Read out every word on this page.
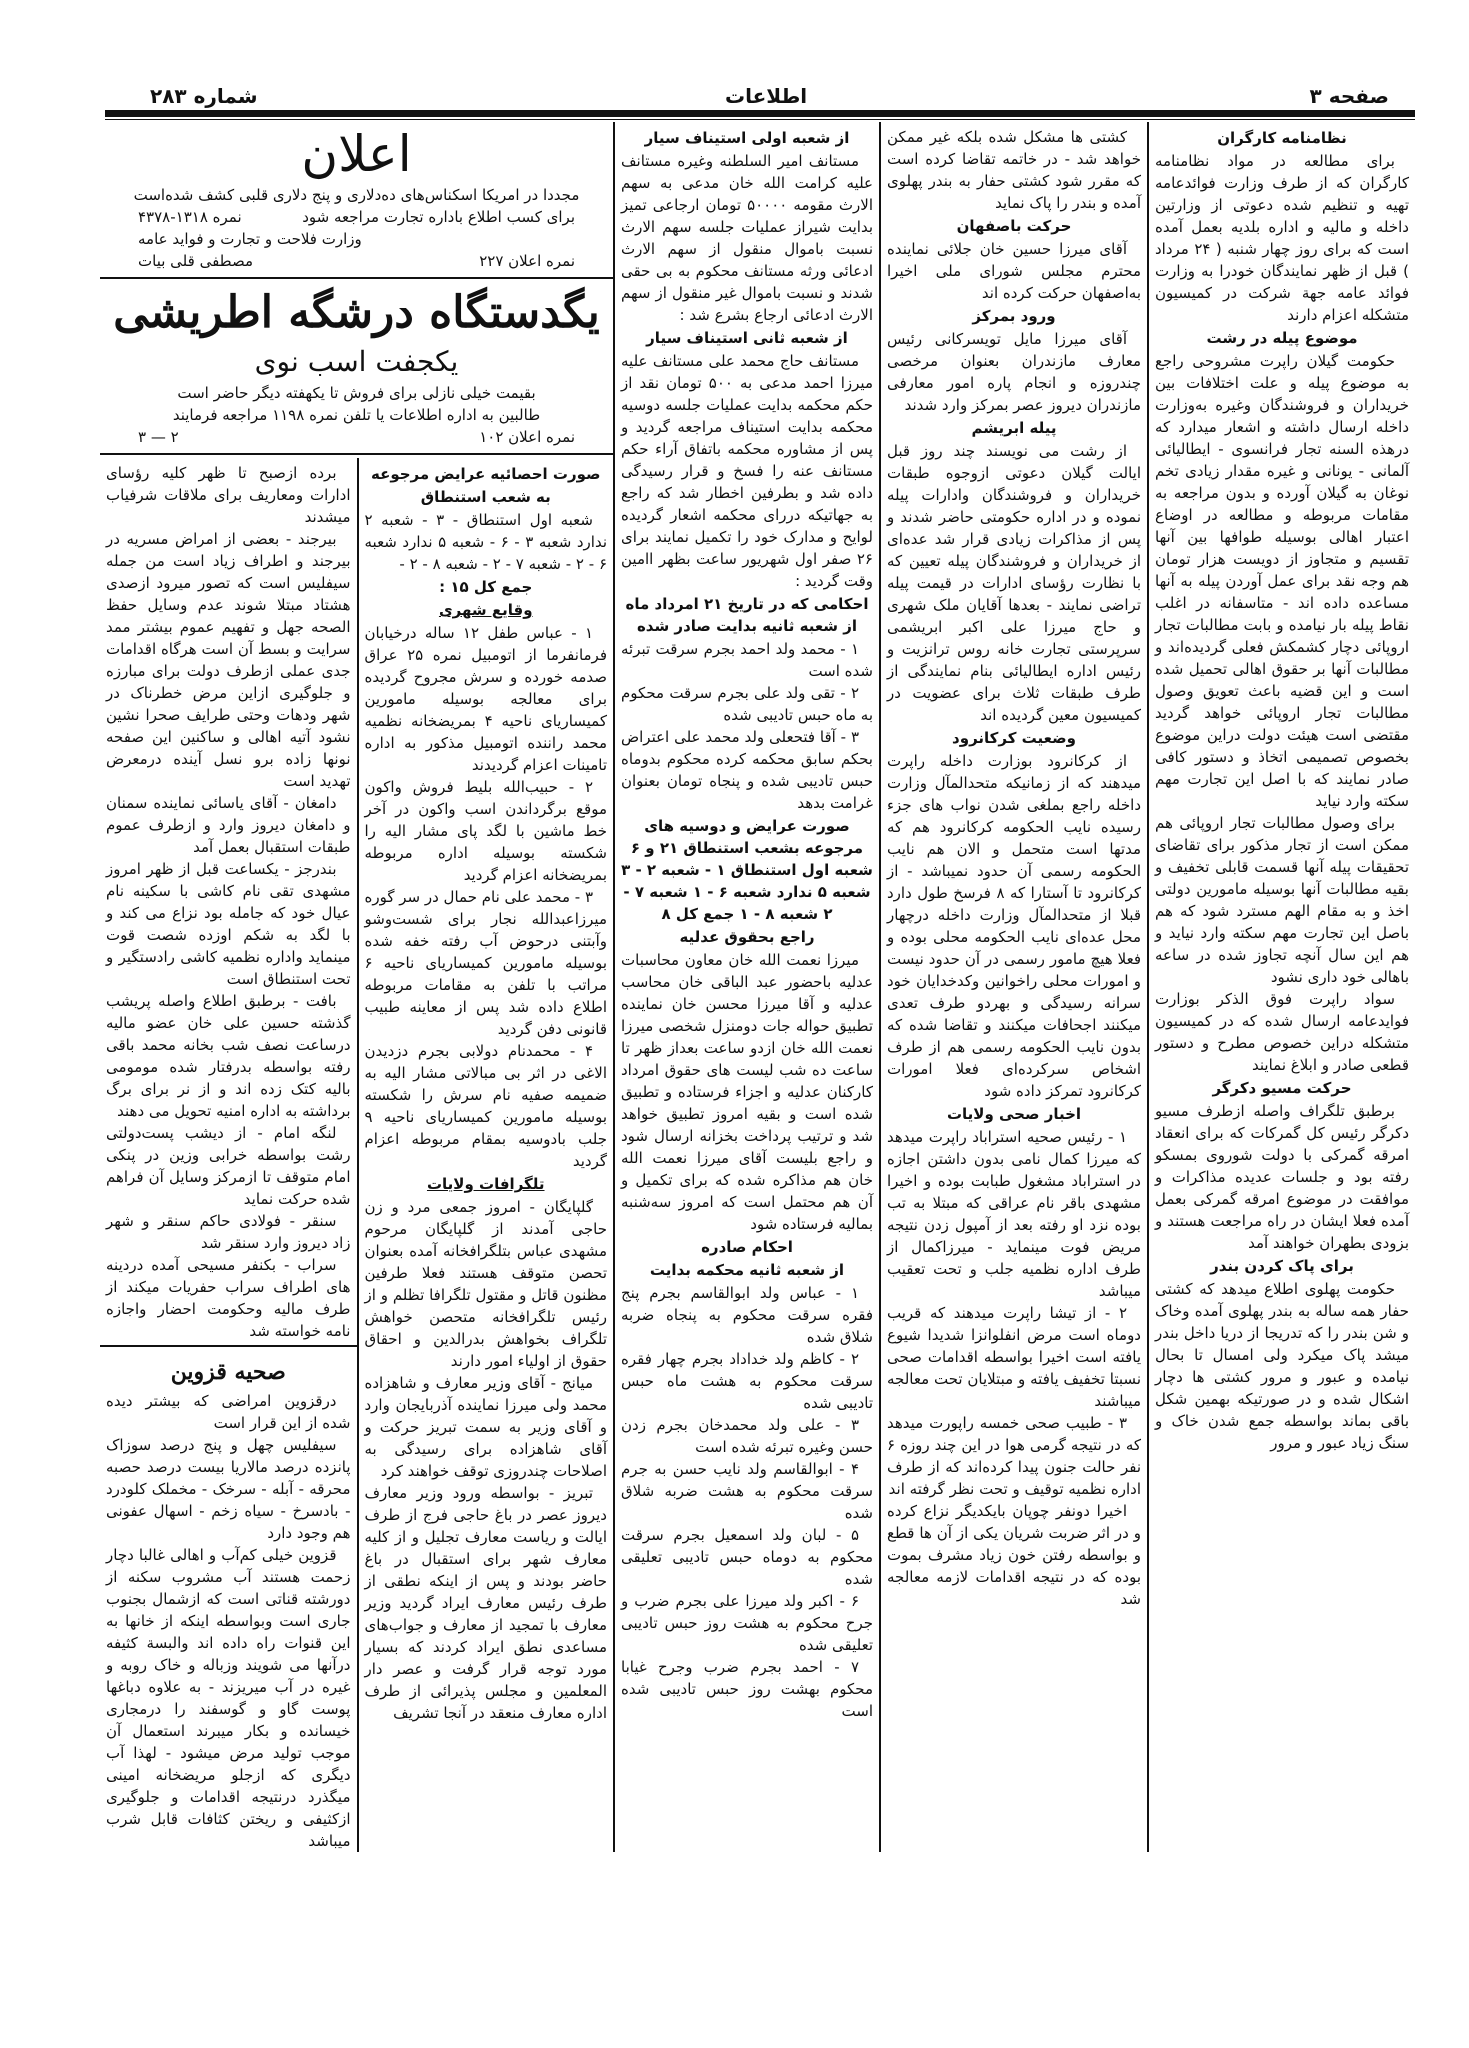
صفحه ۳
اطلاعات
شماره ۲۸۳
نظامنامه کارگران
برای مطالعه در مواد نظامنامه کارگران که از طرف وزارت فوائدعامه تهیه و تنظیم شده دعوتی از وزارتین داخله و مالیه و اداره بلدیه بعمل آمده است که برای روز چهار شنبه ( ۲۴ مرداد ) قبل از ظهر نمایندگان خودرا به وزارت فوائد عامه جهة شرکت در کمیسیون متشکله اعزام دارند
موضوع پیله در رشت
حکومت گیلان راپرت مشروحی راجع به موضوع پیله و علت اختلافات بین خریداران و فروشندگان وغیره به‌وزارت داخله ارسال داشته و اشعار میدارد که درهذه السنه تجار فرانسوی - ایطالیائی آلمانی - یونانی و غیره مقدار زیادی تخم نوغان به گیلان آورده و بدون مراجعه به مقامات مربوطه و مطالعه در اوضاع اعتبار اهالی بوسیله طوافها بین آنها تقسیم و متجاوز از دویست هزار تومان هم وجه نقد برای عمل آوردن پیله به آنها مساعده داده اند - متاسفانه در اغلب نقاط پیله بار نیامده و بابت مطالبات تجار اروپائی دچار کشمکش فعلی گردیده‌اند و مطالبات آنها بر حقوق اهالی تحمیل شده است و این قضیه باعث تعویق وصول مطالبات تجار اروپائی خواهد گردید مقتضی است هیئت دولت دراین موضوع بخصوص تصمیمی اتخاذ و دستور کافی صادر نمایند که با اصل این تجارت مهم سکته وارد نیاید
برای وصول مطالبات تجار اروپائی هم ممکن است از تجار مذکور برای تقاضای تحقیقات پیله آنها قسمت قابلی تخفیف و بقیه مطالبات آنها بوسیله مامورین دولتی اخذ و به مقام الهم مسترد شود که هم باصل این تجارت مهم سکته وارد نیاید و هم این سال آنچه تجاوز شده در ساعه باهالی خود داری نشود
سواد راپرت فوق الذکر بوزارت فوایدعامه ارسال شده که در کمیسیون متشکله دراین خصوص مطرح و دستور قطعی صادر و ابلاغ نمایند
حرکت مسیو دکرگر
برطبق تلگراف واصله ازطرف مسیو دکرگر رئیس کل گمرکات که برای انعقاد امرقه گمرکی با دولت شوروی بمسکو رفته بود و جلسات عدیده مذاکرات و موافقت در موضوع امرقه گمرکی بعمل آمده فعلا ایشان در راه مراجعت هستند و بزودی بطهران خواهند آمد
برای پاک کردن بندر
حکومت پهلوی اطلاع میدهد که کشتی حفار همه ساله به بندر پهلوی آمده وخاک و شن بندر را که تدریجا از دریا داخل بندر میشد پاک میکرد ولی امسال تا بحال نیامده و عبور و مرور کشتی ها دچار اشکال شده و در صورتیکه بهمین شکل باقی بماند بواسطه جمع شدن خاک و سنگ زیاد عبور و مرور
کشتی ها مشکل شده بلکه غیر ممکن خواهد شد - در خاتمه تقاضا کرده است که مقرر شود کشتی حفار به بندر پهلوی آمده و بندر را پاک نماید
حرکت باصفهان
آقای میرزا حسین خان جلائی نماینده محترم مجلس شورای ملی اخیرا به‌اصفهان حرکت کرده اند
ورود بمرکز
آقای میرزا مایل تویسرکانی رئیس معارف مازندران بعنوان مرخصی چندروزه و انجام پاره امور معارفی مازندران دیروز عصر بمرکز وارد شدند
پیله ابریشم
از رشت می نویسند چند روز قبل ایالت گیلان دعوتی ازوجوه طبقات خریداران و فروشندگان وادارات پیله نموده و در اداره حکومتی حاضر شدند و پس از مذاکرات زیادی قرار شد عده‌ای از خریداران و فروشندگان پیله تعیین که با نظارت رؤسای ادارات در قیمت پیله تراضی نمایند - بعدها آقایان ملک شهری و حاج میرزا علی اکبر ابریشمی سرپرستی تجارت خانه روس ترانزیت و رئیس اداره ایطالیائی بنام نمایندگی از طرف طبقات ثلاث برای عضویت در کمیسیون معین گردیده اند
وضعیت کرکانرود
از کرکانرود بوزارت داخله راپرت میدهند که از زمانیکه متحدالمآل وزارت داخله راجع بملغی شدن نواب های جزء رسیده نایب الحکومه کرکانرود هم که مدتها است متحمل و الان هم نایب الحکومه رسمی آن حدود نمیباشد - از کرکانرود تا آستارا که ۸ فرسخ طول دارد قبلا از متحدالمآل وزارت داخله درچهار محل عده‌ای نایب الحکومه محلی بوده و فعلا هیچ مامور رسمی در آن حدود نیست و امورات محلی راخوانین وکدخدایان خود سرانه رسیدگی و بهردو طرف تعدی میکنند اجحافات میکنند و تقاضا شده که بدون نایب الحکومه رسمی هم از طرف اشخاص سرکرده‌ای فعلا امورات کرکانرود تمرکز داده شود
اخبار صحی ولایات
۱ - رئیس صحیه استراباد راپرت میدهد که میرزا کمال نامی بدون داشتن اجازه در استراباد مشغول طبابت بوده و اخیرا مشهدی باقر نام عراقی که مبتلا به تب بوده نزد او رفته بعد از آمپول زدن نتیجه مریض فوت مینماید - میرزاکمال از طرف اداره نظمیه جلب و تحت تعقیب میباشد
۲ - از تیشا راپرت میدهند که قریب دوماه است مرض انفلوانزا شدیدا شیوع یافته است اخیرا بواسطه اقدامات صحی نسبتا تخفیف یافته و مبتلایان تحت معالجه میباشند
۳ - طبیب صحی خمسه راپورت میدهد که در نتیجه گرمی هوا در این چند روزه ۶ نفر حالت جنون پیدا کرده‌اند که از طرف اداره نظمیه توقیف و تحت نظر گرفته اند
اخیرا دونفر چوپان بایکدیگر نزاع کرده و در اثر ضربت شریان یکی از آن ها قطع و بواسطه رفتن خون زیاد مشرف بموت بوده که در نتیجه اقدامات لازمه معالجه شد
از شعبه اولی استیناف سیار
مستانف امیر السلطنه وغیره مستانف علیه کرامت الله خان مدعی به سهم الارث مقومه ۵۰۰۰۰ تومان ارجاعی تمیز بدایت شیراز عملیات جلسه سهم الارث نسبت باموال منقول از سهم الارث ادعائی ورثه مستانف محکوم به بی حقی شدند و نسبت باموال غیر منقول از سهم الارث ادعائی ارجاع بشرع شد :
از شعبه ثانی استیناف سیار
مستانف حاج محمد علی مستانف علیه میرزا احمد مدعی به ۵۰۰ تومان نقد از حکم محکمه بدایت عملیات جلسه دوسیه محکمه بدایت استیناف مراجعه گردید و پس از مشاوره محکمه باتفاق آراء حکم مستانف عنه را فسخ و قرار رسیدگی داده شد و بطرفین اخطار شد که راجع به جهاتیکه دررای محکمه اشعار گردیده لوایح و مدارک خود را تکمیل نمایند برای ۲۶ صفر اول شهریور ساعت بظهر اامین وقت گردید :
احکامی که در تاریخ ۲۱ امرداد ماه از شعبه ثانیه بدایت صادر شده
۱ - محمد ولد احمد بجرم سرقت تبرئه شده است
۲ - تقی ولد علی بجرم سرقت محکوم به ماه حبس تادیبی شده
۳ - آقا فتحعلی ولد محمد علی اعتراض بحکم سابق محکمه کرده محکوم بدوماه حبس تادیبی شده و پنجاه تومان بعنوان غرامت بدهد
صورت عرایض و دوسیه های مرجوعه بشعب استنطاق ۲۱ و ۶ شعبه اول استنطاق ۱ - شعبه ۲ - ۳ شعبه ۵ ندارد شعبه ۶ - ۱ شعبه ۷ - ۲ شعبه ۸ - ۱ جمع کل ۸
راجع بحقوق عدلیه
میرزا نعمت الله خان معاون محاسبات عدلیه باحضور عبد الباقی خان محاسب عدلیه و آقا میرزا محسن خان نماینده تطبیق حواله جات دومنزل شخصی میرزا نعمت الله خان ازدو ساعت بعداز ظهر تا ساعت ده شب لیست های حقوق امرداد کارکنان عدلیه و اجزاء فرستاده و تطبیق شده است و بقیه امروز تطبیق خواهد شد و ترتیب پرداخت بخزانه ارسال شود و راجع بلیست آقای میرزا نعمت الله خان هم مذاکره شده که برای تکمیل و آن هم محتمل است که امروز سه‌شنبه بمالیه فرستاده شود
احکام صادره
از شعبه ثانیه محکمه بدایت
۱ - عباس ولد ابوالقاسم بجرم پنج فقره سرقت محکوم به پنجاه ضربه شلاق شده
۲ - کاظم ولد خداداد بجرم چهار فقره سرقت محکوم به هشت ماه حبس تادیبی شده
۳ - علی ولد محمدخان بجرم زدن حسن وغیره تبرئه شده است
۴ - ابوالقاسم ولد نایب حسن به جرم سرقت محکوم به هشت ضربه شلاق شده
۵ - لبان ولد اسمعیل بجرم سرقت محکوم به دوماه حبس تادیبی تعلیقی شده
۶ - اکبر ولد میرزا علی بجرم ضرب و جرح محکوم به هشت روز حبس تادیبی تعلیقی شده
۷ - احمد بجرم ضرب وجرح غیابا محکوم بهشت روز حبس تادیبی شده است
اعلان
مجددا در امریکا اسکناس‌های ده‌دلاری و پنج دلاری قلبی کشف شده‌است
برای کسب اطلاع باداره تجارت مراجعه شود
نمره ۱۳۱۸-۴۳۷۸
وزارت فلاحت و تجارت و فواید عامه
نمره اعلان ۲۲۷
مصطفی قلی بیات
یگدستگاه درشگه اطریشی
یکجفت اسب نوی
بقیمت خیلی نازلی برای فروش تا یکهفته دیگر حاضر است
طالبین به اداره اطلاعات یا تلفن نمره ۱۱۹۸ مراجعه فرمایند
نمره اعلان ۱۰۲
۲ — ۳
صورت احصائیه عرایض مرجوعه
به شعب استنطاق
شعبه اول استنطاق - ۳ - شعبه ۲ ندارد شعبه ۳ - ۶ - شعبه ۵ ندارد شعبه ۶ - ۲ - شعبه ۷ - ۲ - شعبه ۸ - ۲ -
جمع کل ۱۵ :
وقایع شهری
۱ - عباس طفل ۱۲ ساله درخیابان فرمانفرما از اتومبیل نمره ۲۵ عراق صدمه خورده و سرش مجروح گردیده برای معالجه بوسیله مامورین کمیساریای ناحیه ۴ بمریضخانه نظمیه محمد راننده اتومبیل مذکور به اداره تامینات اعزام گردیدند
۲ - حبیب‌الله بلیط فروش واکون موقع برگرداندن اسب واکون در آخر خط ماشین با لگد پای مشار الیه را شکسته بوسیله اداره مربوطه بمریضخانه اعزام گردید
۳ - محمد علی نام حمال در سر گوره میرزاعبدالله نجار برای شست‌وشو وآبتنی درحوض آب رفته خفه شده بوسیله مامورین کمیساریای ناحیه ۶ مراتب با تلفن به مقامات مربوطه اطلاع داده شد پس از معاینه طبیب قانونی دفن گردید
۴ - محمدنام دولابی بجرم دزدیدن الاغی در اثر بی مبالاتی مشار الیه به ضمیمه صفیه نام سرش را شکسته بوسیله مامورین کمیساریای ناحیه ۹ جلب بادوسیه بمقام مربوطه اعزام گردید
تلگرافات ولایات
گلپایگان - امروز جمعی مرد و زن حاجی آمدند از گلپایگان مرحوم مشهدی عباس بتلگرافخانه آمده بعنوان تحصن متوقف هستند فعلا طرفین مظنون قاتل و مقتول تلگرافا تظلم و از رئیس تلگرافخانه متحصن خواهش تلگراف بخواهش بدرالدین و احقاق حقوق از اولیاء امور دارند
میانج - آقای وزیر معارف و شاهزاده محمد ولی میرزا نماینده آذربایجان وارد و آقای وزیر به سمت تبریز حرکت و آقای شاهزاده برای رسیدگی به اصلاحات چندروزی توقف خواهند کرد
تبریز - بواسطه ورود وزیر معارف دیروز عصر در باغ حاجی فرج از طرف ایالت و ریاست معارف تجلیل و از کلیه معارف شهر برای استقبال در باغ حاضر بودند و پس از اینکه نطقی از طرف رئیس معارف ایراد گردید وزیر معارف با تمجید از معارف و جواب‌های مساعدی نطق ایراد کردند که بسیار مورد توجه قرار گرفت و عصر دار المعلمین و مجلس پذیرائی از طرف اداره معارف منعقد در آنجا تشریف
برده ازصبح تا ظهر کلیه رؤسای ادارات ومعاریف برای ملاقات شرفیاب میشدند
بیرجند - بعضی از امراض مسریه در بیرجند و اطراف زیاد است من جمله سیفلیس است که تصور میرود ازصدی هشتاد مبتلا شوند عدم وسایل حفظ الصحه جهل و تفهیم عموم بیشتر ممد سرایت و بسط آن است هرگاه اقدامات جدی عملی ازطرف دولت برای مبارزه و جلوگیری ازاین مرض خطرناک در شهر ودهات وحتی طرایف صحرا نشین نشود آتیه اهالی و ساکنین این صفحه نونها زاده برو نسل آینده درمعرض تهدید است
دامغان - آقای یاسائی نماینده سمنان و دامغان دیروز وارد و ازطرف عموم طبقات استقبال بعمل آمد
بندرجز - یکساعت قبل از ظهر امروز مشهدی تقی نام کاشی با سکینه نام عیال خود که جامله بود نزاع می کند و با لگد به شکم اوزده شصت قوت مینماید واداره نظمیه کاشی رادستگیر و تحت استنطاق است
بافت - برطبق اطلاع واصله پریشب گذشته حسین علی خان عضو مالیه درساعت نصف شب بخانه محمد باقی رفته بواسطه بدرفتار شده مومومی بالیه کتک زده اند و از نر برای برگ برداشته به اداره امنیه تحویل می دهند
لنگه امام - از دیشب پست‌دولتی رشت بواسطه خرابی وزین در پنکی امام متوقف تا ازمرکز وسایل آن فراهم شده حرکت نماید
سنقر - فولادی حاکم سنقر و شهر زاد دیروز وارد سنقر شد
سراب - بکنفر مسیحی آمده دردینه های اطراف سراب حفریات میکند از طرف مالیه وحکومت احضار واجازه نامه خواسته شد
صحیه قزوین
درقزوین امراضی که بیشتر دیده شده از این قرار است
سیفلیس چهل و پنج درصد سوزاک پانزده درصد مالاریا بیست درصد حصبه محرقه - آبله - سرخک - مخملک کلودرد - بادسرخ - سیاه زخم - اسهال عفونی هم وجود دارد
قزوین خیلی کم‌آب و اهالی غالبا دچار زحمت هستند آب مشروب سکنه از دورشته قناتی است که ازشمال بجنوب جاری است وبواسطه اینکه از خانها به این قنوات راه داده اند والبسة کثیفه درآنها می شویند وزباله و خاک روبه و غیره در آب میریزند - به علاوه دباغها پوست گاو و گوسفند را درمجاری خیسانده و بکار میبرند استعمال آن موجب تولید مرض میشود - لهذا آب دیگری که ازجلو مریضخانه امینی میگذرد درنتیجه اقدامات و جلوگیری ازکثیفی و ریختن کثافات قابل شرب میباشد
